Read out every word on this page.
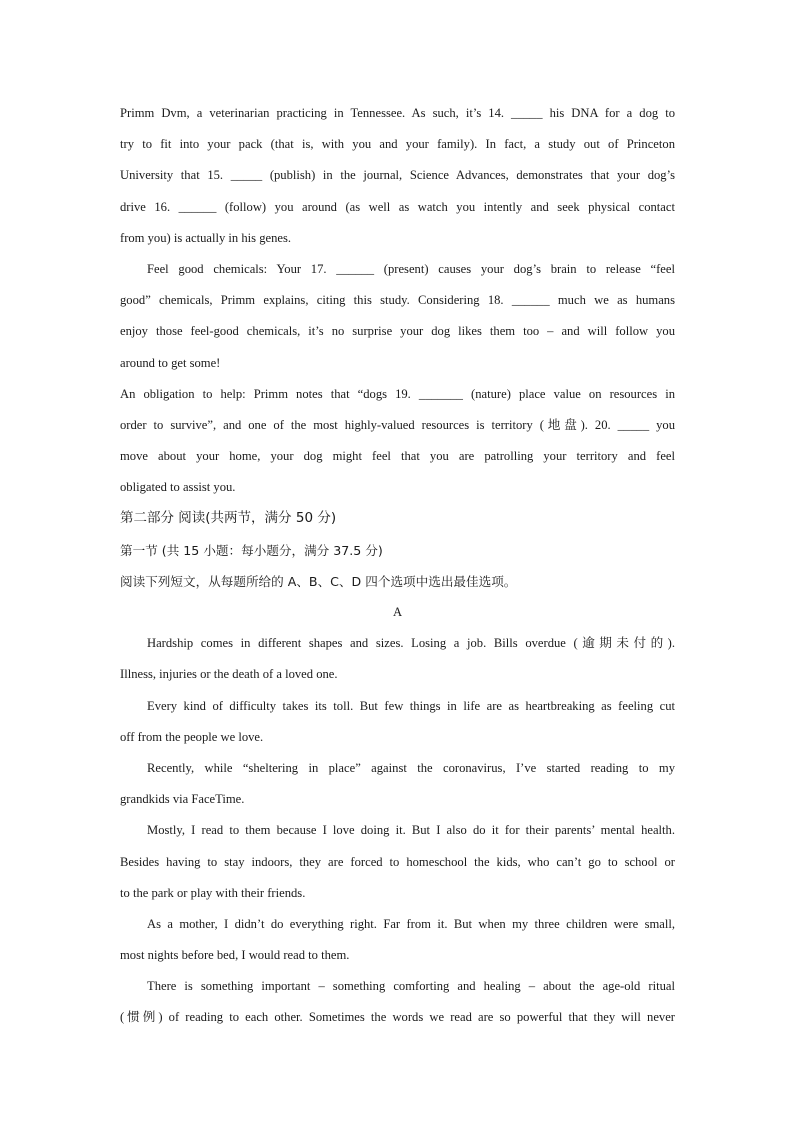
Primm Dvm, a veterinarian practicing in Tennessee. As such, it’s 14. _____ his DNA for a dog to
try to fit into your pack (that is, with you and your family). In fact, a study out of Princeton
University that 15. _____ (publish) in the journal, Science Advances, demonstrates that your dog’s
drive 16. ______ (follow) you around (as well as watch you intently and seek physical contact
from you) is actually in his genes.
Feel good chemicals: Your 17. ______ (present) causes your dog’s brain to release “feel
good” chemicals, Primm explains, citing this study. Considering 18. ______ much we as humans
enjoy those feel-good chemicals, it’s no surprise your dog likes them too – and will follow you
around to get some!
An obligation to help: Primm notes that “dogs 19. _______ (nature) place value on resources in
order to survive”, and one of the most highly-valued resources is territory (地盘). 20. _____ you
move about your home, your dog might feel that you are patrolling your territory and feel
obligated to assist you.
第二部分 阅读(共两节，满分 50 分)
第一节 (共 15 小题：每小题分，满分 37.5 分)
阅读下列短文，从每题所给的 A、B、C、D 四个选项中选出最佳选项。
A
Hardship comes in different shapes and sizes. Losing a job. Bills overdue (逾期未付的).
Illness, injuries or the death of a loved one.
Every kind of difficulty takes its toll. But few things in life are as heartbreaking as feeling cut
off from the people we love.
Recently, while “sheltering in place” against the coronavirus, I’ve started reading to my
grandkids via FaceTime.
Mostly, I read to them because I love doing it. But I also do it for their parents’ mental health.
Besides having to stay indoors, they are forced to homeschool the kids, who can’t go to school or
to the park or play with their friends.
As a mother, I didn’t do everything right. Far from it. But when my three children were small,
most nights before bed, I would read to them.
There is something important – something comforting and healing – about the age-old ritual
(惯例) of reading to each other. Sometimes the words we read are so powerful that they will never
